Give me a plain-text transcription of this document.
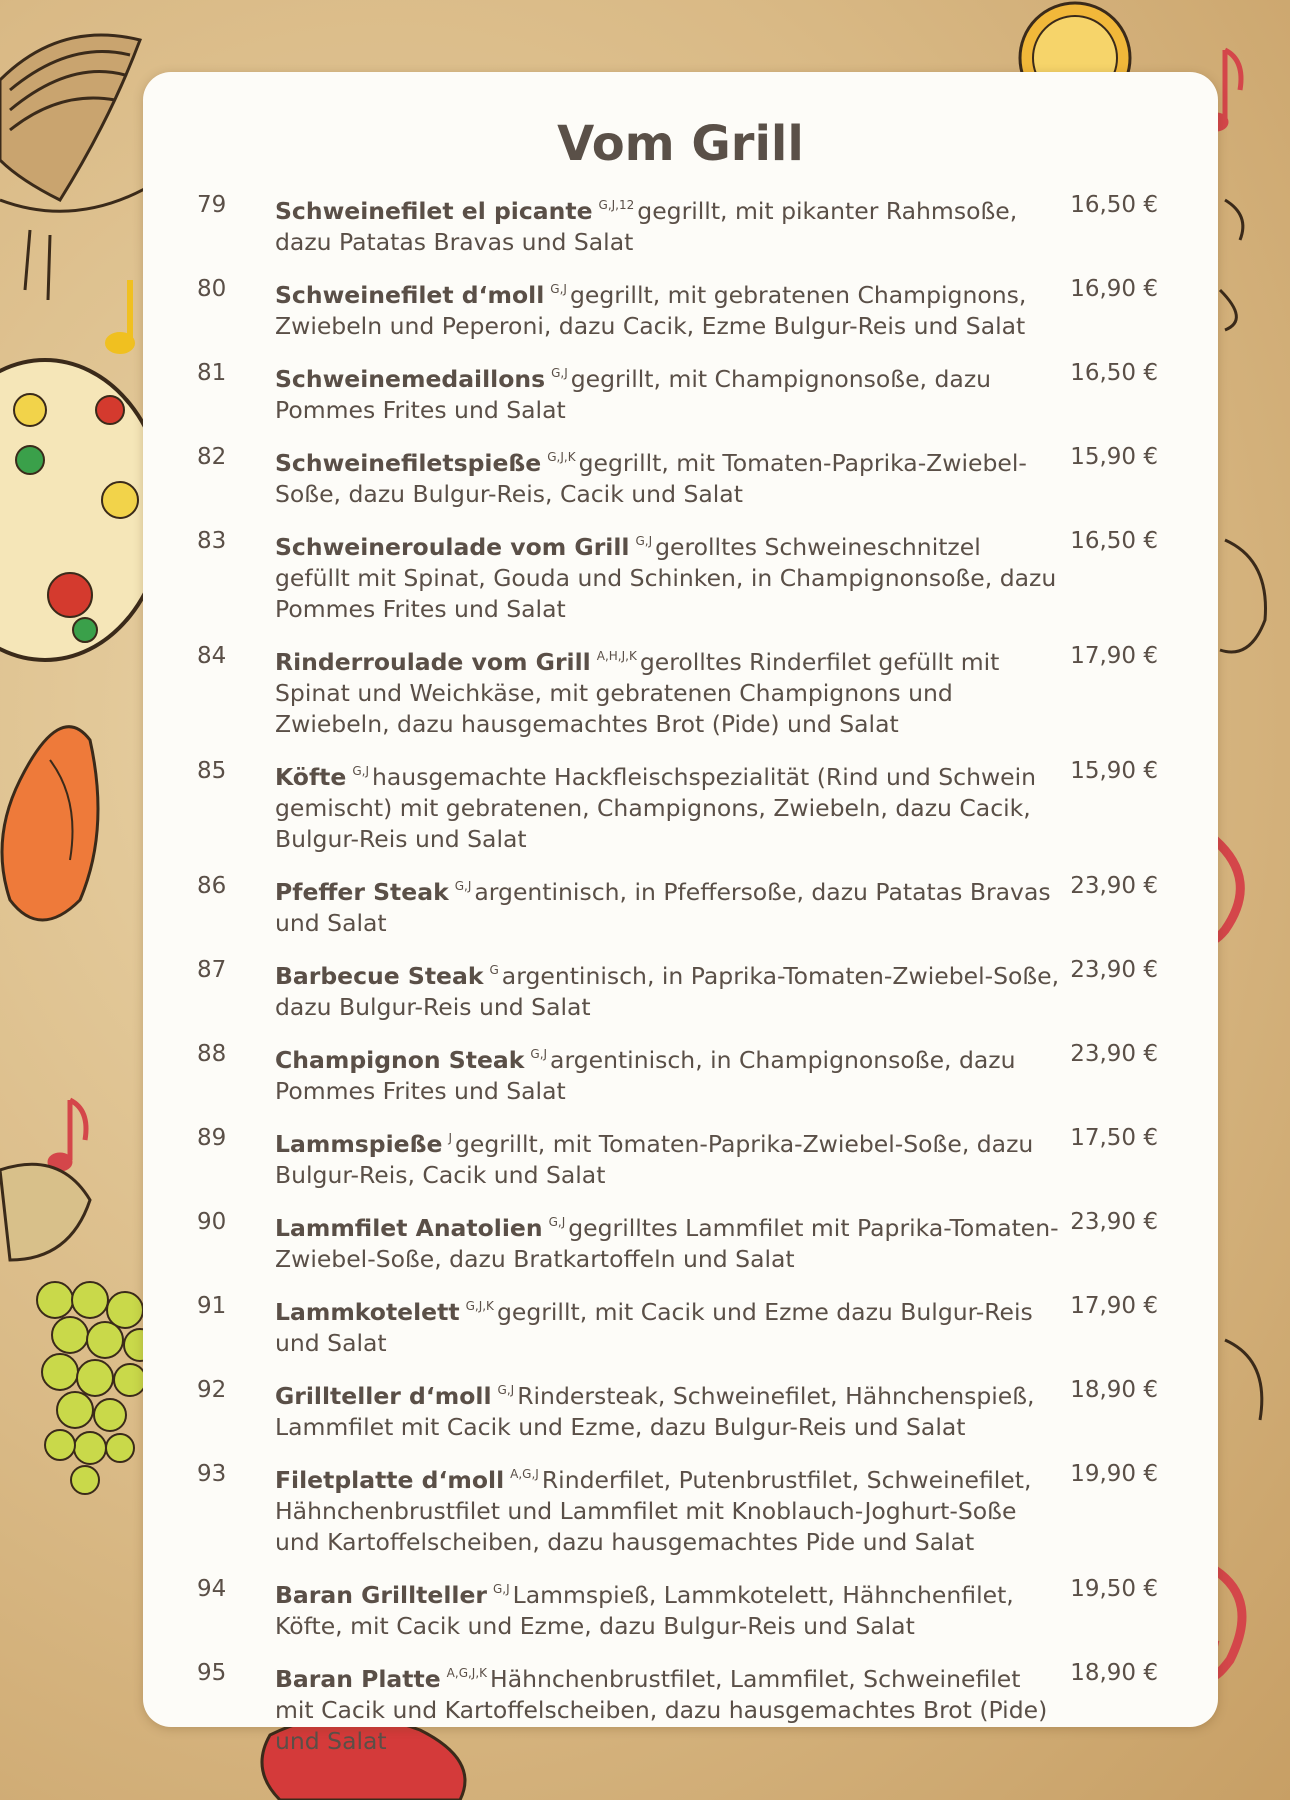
Vom Grill
79	Schweinefilet el picante $^{G,J,12}$ gegrillt, mit pikanter Rahmsoße, dazu Patatas Bravas und Salat
16,50 €
80	Schweinefilet d‘moll $^{G,J}$ gegrillt, mit gebratenen Champignons, Zwiebeln und Peperoni, dazu Cacik, Ezme Bulgur-Reis und Salat
16,90 €
81	Schweinemedaillons $^{G,J}$ gegrillt, mit Champignonsoße, dazu Pommes Frites und Salat
16,50 €
82	Schweinefiletspieße $^{G,J,K}$ gegrillt, mit Tomaten-Paprika-Zwiebel-Soße, dazu Bulgur-Reis, Cacik und Salat
15,90 €
83	Schweineroulade vom Grill $^{G,J}$ gerolltes Schweineschnitzel gefüllt mit Spinat, Gouda und Schinken, in Champignonsoße, dazu Pommes Frites und Salat
16,50 €
84	Rinderroulade vom Grill $^{A,H,J,K}$ gerolltes Rinderfilet gefüllt mit Spinat und Weichkäse, mit gebratenen Champignons und Zwiebeln, dazu hausgemachtes Brot (Pide) und Salat
17,90 €
85	Köfte $^{G,J}$ hausgemachte Hackfleischspezialität (Rind und Schwein gemischt) mit gebratenen, Champignons, Zwiebeln, dazu Cacik, Bulgur-Reis und Salat
15,90 €
86	Pfeffer Steak $^{G,J}$ argentinisch, in Pfeffersoße, dazu Patatas Bravas und Salat
23,90 €
87	Barbecue Steak $^G$ argentinisch, in Paprika-Tomaten-Zwiebel-Soße, dazu Bulgur-Reis und Salat
23,90 €
88	Champignon Steak $^{G,J}$ argentinisch, in Champignonsoße, dazu Pommes Frites und Salat
23,90 €
89	Lammspieße $^J$ gegrillt, mit Tomaten-Paprika-Zwiebel-Soße, dazu Bulgur-Reis, Cacik und Salat
17,50 €
90	Lammfilet Anatolien $^{G,J}$ gegrilltes Lammfilet mit Paprika-Tomaten-Zwiebel-Soße, dazu Bratkartoffeln und Salat
23,90 €
91	Lammkotelett $^{G,J,K}$ gegrillt, mit Cacik und Ezme dazu Bulgur-Reis und Salat
17,90 €
92	Grillteller d‘moll $^{G,J}$ Rindersteak, Schweinefilet, Hähnchenspieß, Lammfilet mit Cacik und Ezme, dazu Bulgur-Reis und Salat
18,90 €
93	Filetplatte d‘moll $^{A,G,J}$ Rinderfilet, Putenbrustfilet, Schweinefilet, Hähnchenbrustfilet und Lammfilet mit Knoblauch-Joghurt-Soße und Kartoffelscheiben, dazu hausgemachtes Pide und Salat
19,90 €
94	Baran Grillteller $^{G,J}$ Lammspieß, Lammkotelett, Hähnchenfilet, Köfte, mit Cacik und Ezme, dazu Bulgur-Reis und Salat
19,50 €
95	Baran Platte $^{A,G,J,K}$ Hähnchenbrustfilet, Lammfilet, Schweinefilet mit Cacik und Kartoffelscheiben, dazu hausgemachtes Brot (Pide) und Salat
18,90 €
